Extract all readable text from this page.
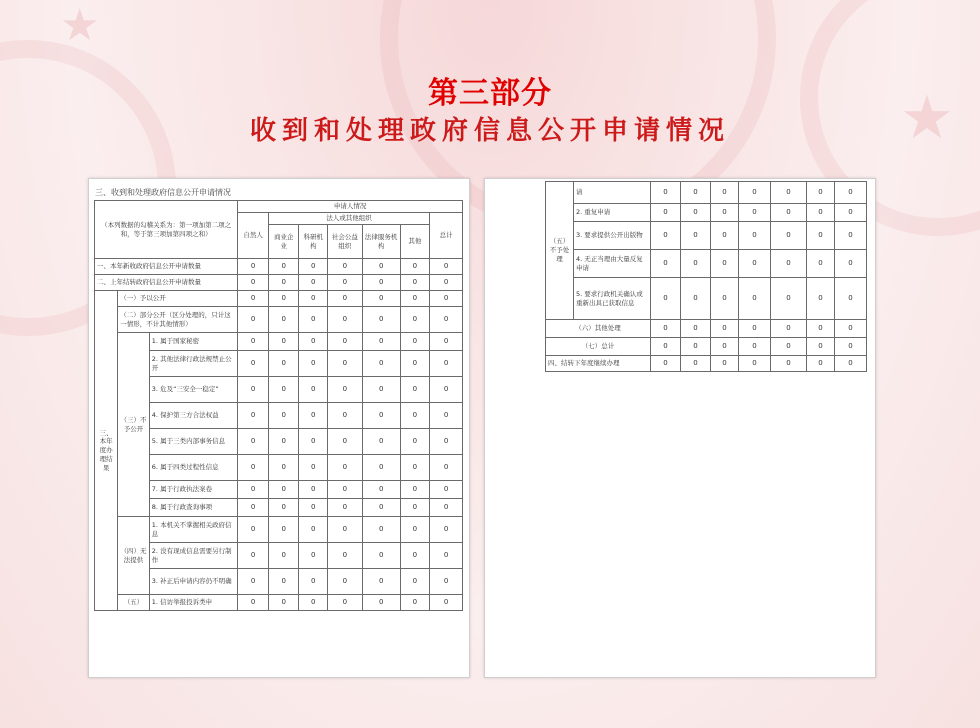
★
★
第三部分
收到和处理政府信息公开申请情况
三、收到和处理政府信息公开申请情况
（本列数据的勾稽关系为：第一项加第二项之和，等于第三项加第四项之和）			申请人情况						
			自然人	法人或其他组织					总计
				商业企业	科研机构	社会公益组织	法律服务机构	其他	
一、本年新收政府信息公开申请数量			0	0	0	0	0	0	0
二、上年结转政府信息公开申请数量			0	0	0	0	0	0	0

三、本年度办理结果	（一）予以公开		0	0	0	0	0	0	0
	（二）部分公开（区分处理的，只计这一情形，不计其他情形）		0	0	0	0	0	0	0
	（三）不予公开	1. 属于国家秘密	0	0	0	0	0	0	0
		2. 其他法律行政法规禁止公开	0	0	0	0	0	0	0
		3. 危及“三安全一稳定”	0	0	0	0	0	0	0
		4. 保护第三方合法权益	0	0	0	0	0	0	0
		5. 属于三类内部事务信息	0	0	0	0	0	0	0
		6. 属于四类过程性信息	0	0	0	0	0	0	0
		7. 属于行政执法案卷	0	0	0	0	0	0	0
		8. 属于行政查询事项	0	0	0	0	0	0	0
	（四）无法提供	1. 本机关不掌握相关政府信息	0	0	0	0	0	0	0
		2. 没有现成信息需要另行制作	0	0	0	0	0	0	0
		3. 补正后申请内容仍不明确	0	0	0	0	0	0	0
	（五）	1. 信访举报投诉类申	0	0	0	0	0	0	0
（五）不予处理	请	0	0	0	0	0	0	0
	2. 重复申请	0	0	0	0	0	0	0
	3. 要求提供公开出版物	0	0	0	0	0	0	0
	4. 无正当理由大量反复申请	0	0	0	0	0	0	0
	5. 要求行政机关确认或重新出具已获取信息	0	0	0	0	0	0	0
（六）其他处理		0	0	0	0	0	0	0
（七）总计		0	0	0	0	0	0	0
四、结转下年度继续办理	0	0	0	0	0	0	0
